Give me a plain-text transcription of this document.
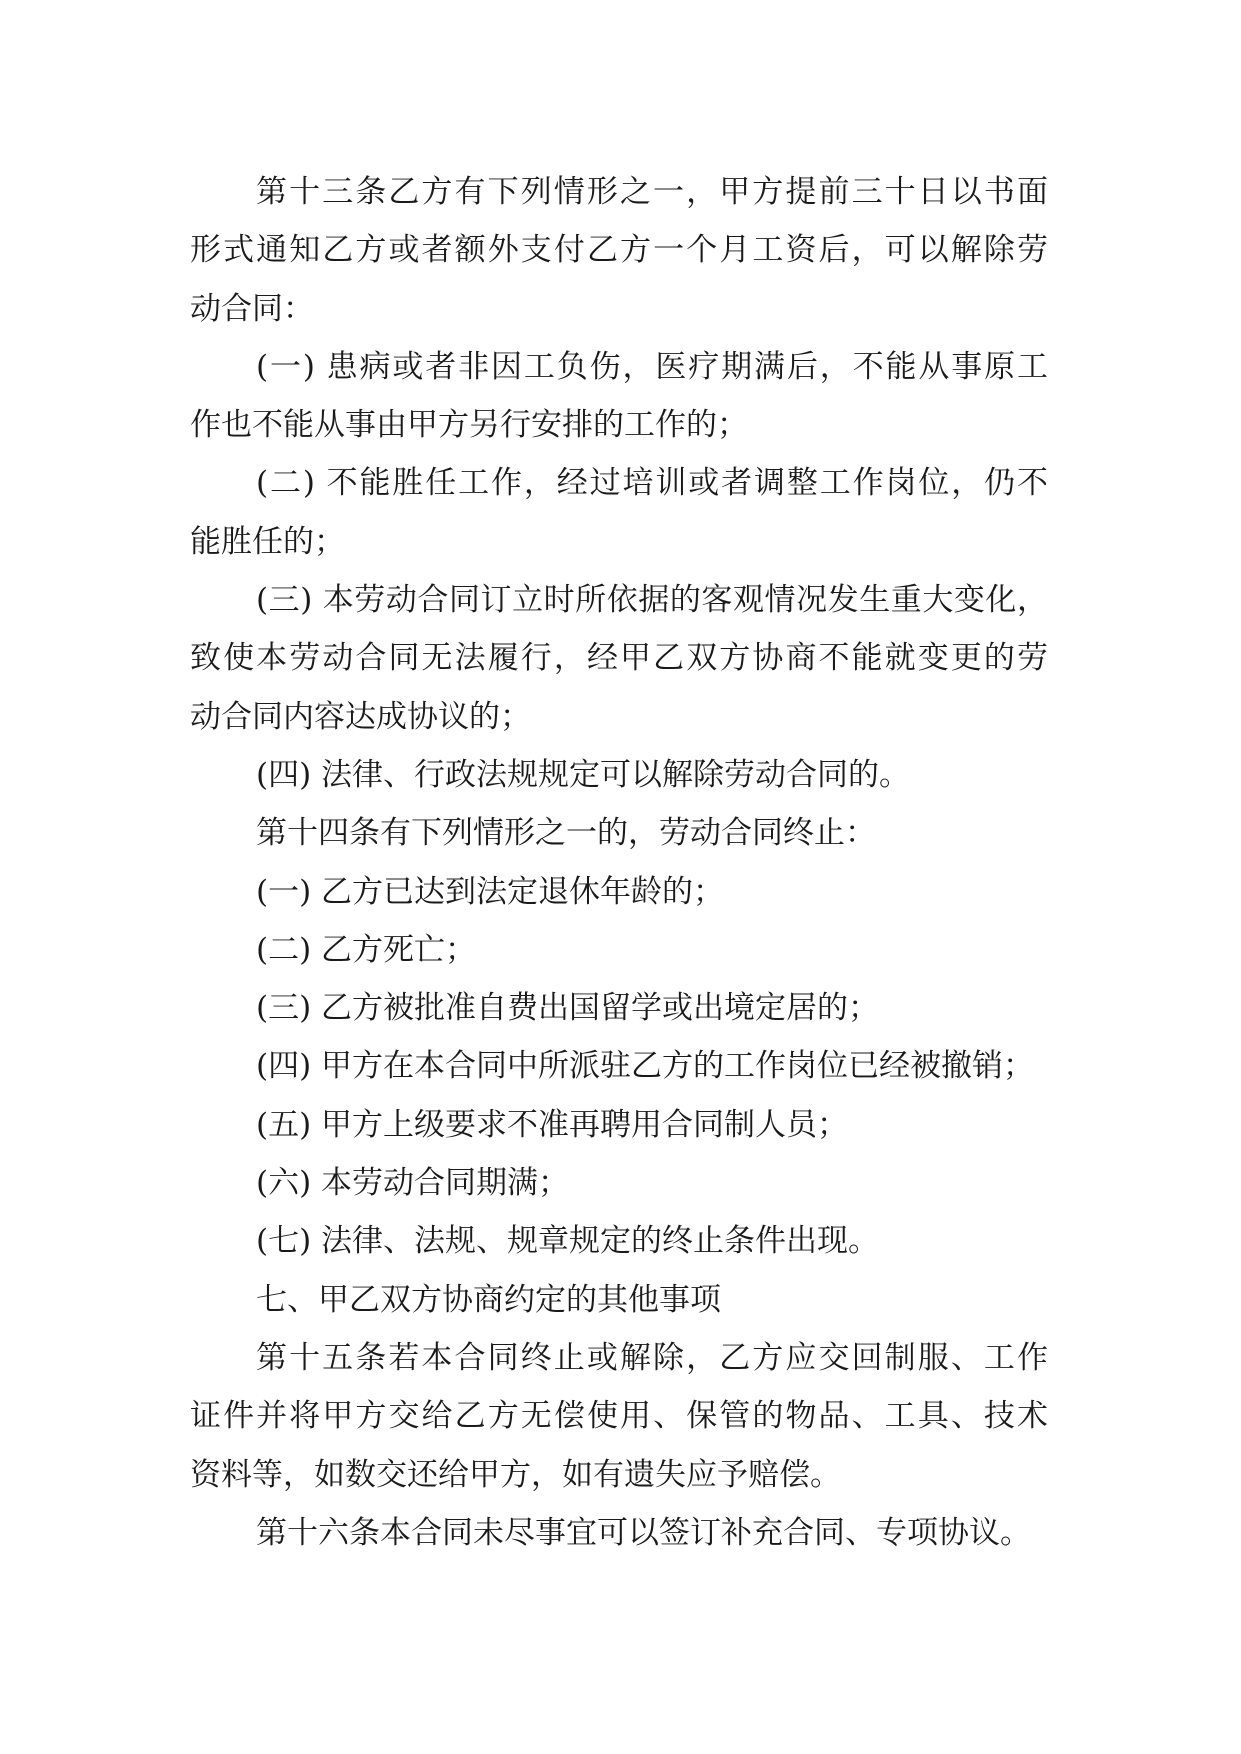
第十三条乙方有下列情形之一，甲方提前三十日以书面
形式通知乙方或者额外支付乙方一个月工资后，可以解除劳
动合同：
(一) 患病或者非因工负伤，医疗期满后，不能从事原工
作也不能从事由甲方另行安排的工作的；
(二) 不能胜任工作，经过培训或者调整工作岗位，仍不
能胜任的；
(三) 本劳动合同订立时所依据的客观情况发生重大变化，
致使本劳动合同无法履行，经甲乙双方协商不能就变更的劳
动合同内容达成协议的；
(四) 法律、行政法规规定可以解除劳动合同的。
第十四条有下列情形之一的，劳动合同终止：
(一) 乙方已达到法定退休年龄的；
(二) 乙方死亡；
(三) 乙方被批准自费出国留学或出境定居的；
(四) 甲方在本合同中所派驻乙方的工作岗位已经被撤销；
(五) 甲方上级要求不准再聘用合同制人员；
(六) 本劳动合同期满；
(七) 法律、法规、规章规定的终止条件出现。
七、甲乙双方协商约定的其他事项
第十五条若本合同终止或解除，乙方应交回制服、工作
证件并将甲方交给乙方无偿使用、保管的物品、工具、技术
资料等，如数交还给甲方，如有遗失应予赔偿。
第十六条本合同未尽事宜可以签订补充合同、专项协议。
